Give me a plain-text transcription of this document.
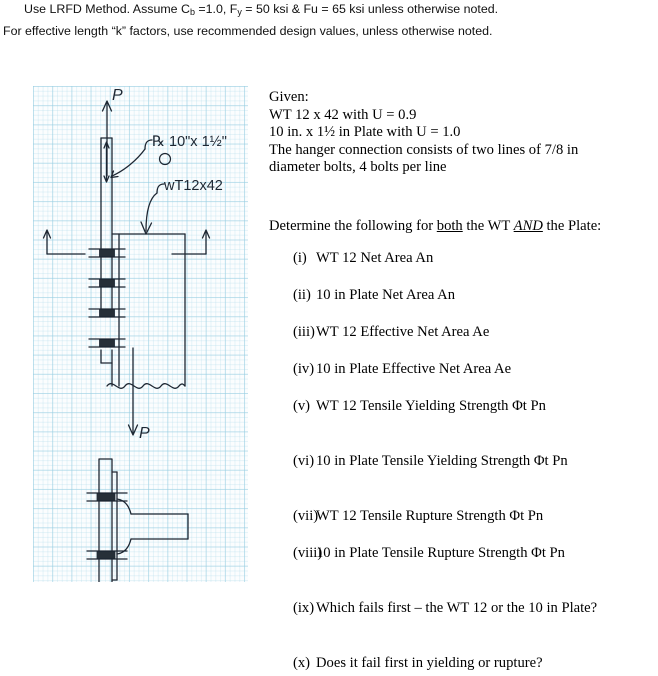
Use LRFD Method. Assume $C_b =1.0$, $F_y = 50$ ksi & Fu = 65 ksi unless otherwise noted.
For effective length “k” factors, use recommended design values, unless otherwise noted.
P
℞ 10"x 1½"
wT12x42
P
Given:
WT 12 x 42 with U = 0.9
10 in. x 1½ in Plate with U = 1.0
The hanger connection consists of two lines of 7/8 in
diameter bolts, 4 bolts per line
Determine the following for both the WT AND the Plate:
(i) WT 12 Net Area An
(ii) 10 in Plate Net Area An
(iii)WT 12 Effective Net Area Ae
(iv) 10 in Plate Effective Net Area Ae
(v) WT 12 Tensile Yielding Strength Φt Pn
(vi) 10 in Plate Tensile Yielding Strength Φt Pn
(vii)WT 12 Tensile Rupture Strength Φt Pn
(viii)10 in Plate Tensile Rupture Strength Φt Pn
(ix) Which fails first – the WT 12 or the 10 in Plate?
(x) Does it fail first in yielding or rupture?
